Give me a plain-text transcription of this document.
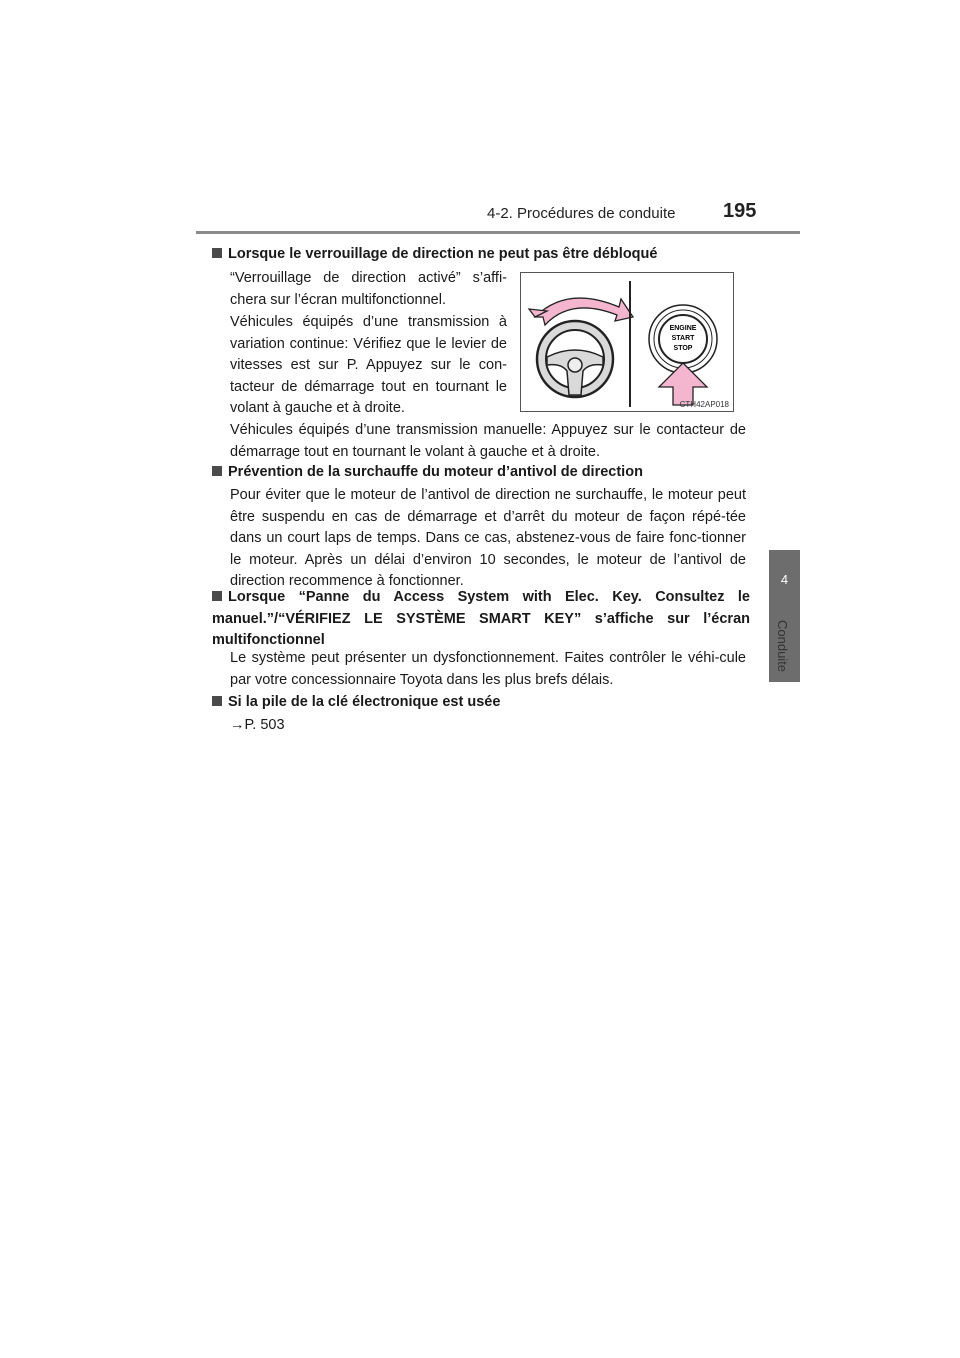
4-2. Procédures de conduite 195
4
Conduite
Lorsque le verrouillage de direction ne peut pas être débloqué
“Verrouillage de direction activé” s’affi-chera sur l’écran multifonctionnel.
Véhicules équipés d’une transmission à variation continue: Vérifiez que le levier de vitesses est sur P. Appuyez sur le con-tacteur de démarrage tout en tournant le volant à gauche et à droite.
ENGINE
START
STOP
CTH42AP018
Véhicules équipés d’une transmission manuelle: Appuyez sur le contacteur de démarrage tout en tournant le volant à gauche et à droite.
Prévention de la surchauffe du moteur d’antivol de direction
Pour éviter que le moteur de l’antivol de direction ne surchauffe, le moteur peut être suspendu en cas de démarrage et d’arrêt du moteur de façon répé-tée dans un court laps de temps. Dans ce cas, abstenez-vous de faire fonc-tionner le moteur. Après un délai d’environ 10 secondes, le moteur de l’antivol de direction recommence à fonctionner.
Lorsque “Panne du Access System with Elec. Key. Consultez le manuel.”/“VÉRIFIEZ LE SYSTÈME SMART KEY” s’affiche sur l’écran multifonctionnel
Le système peut présenter un dysfonctionnement. Faites contrôler le véhi-cule par votre concessionnaire Toyota dans les plus brefs délais.
Si la pile de la clé électronique est usée
→P. 503
